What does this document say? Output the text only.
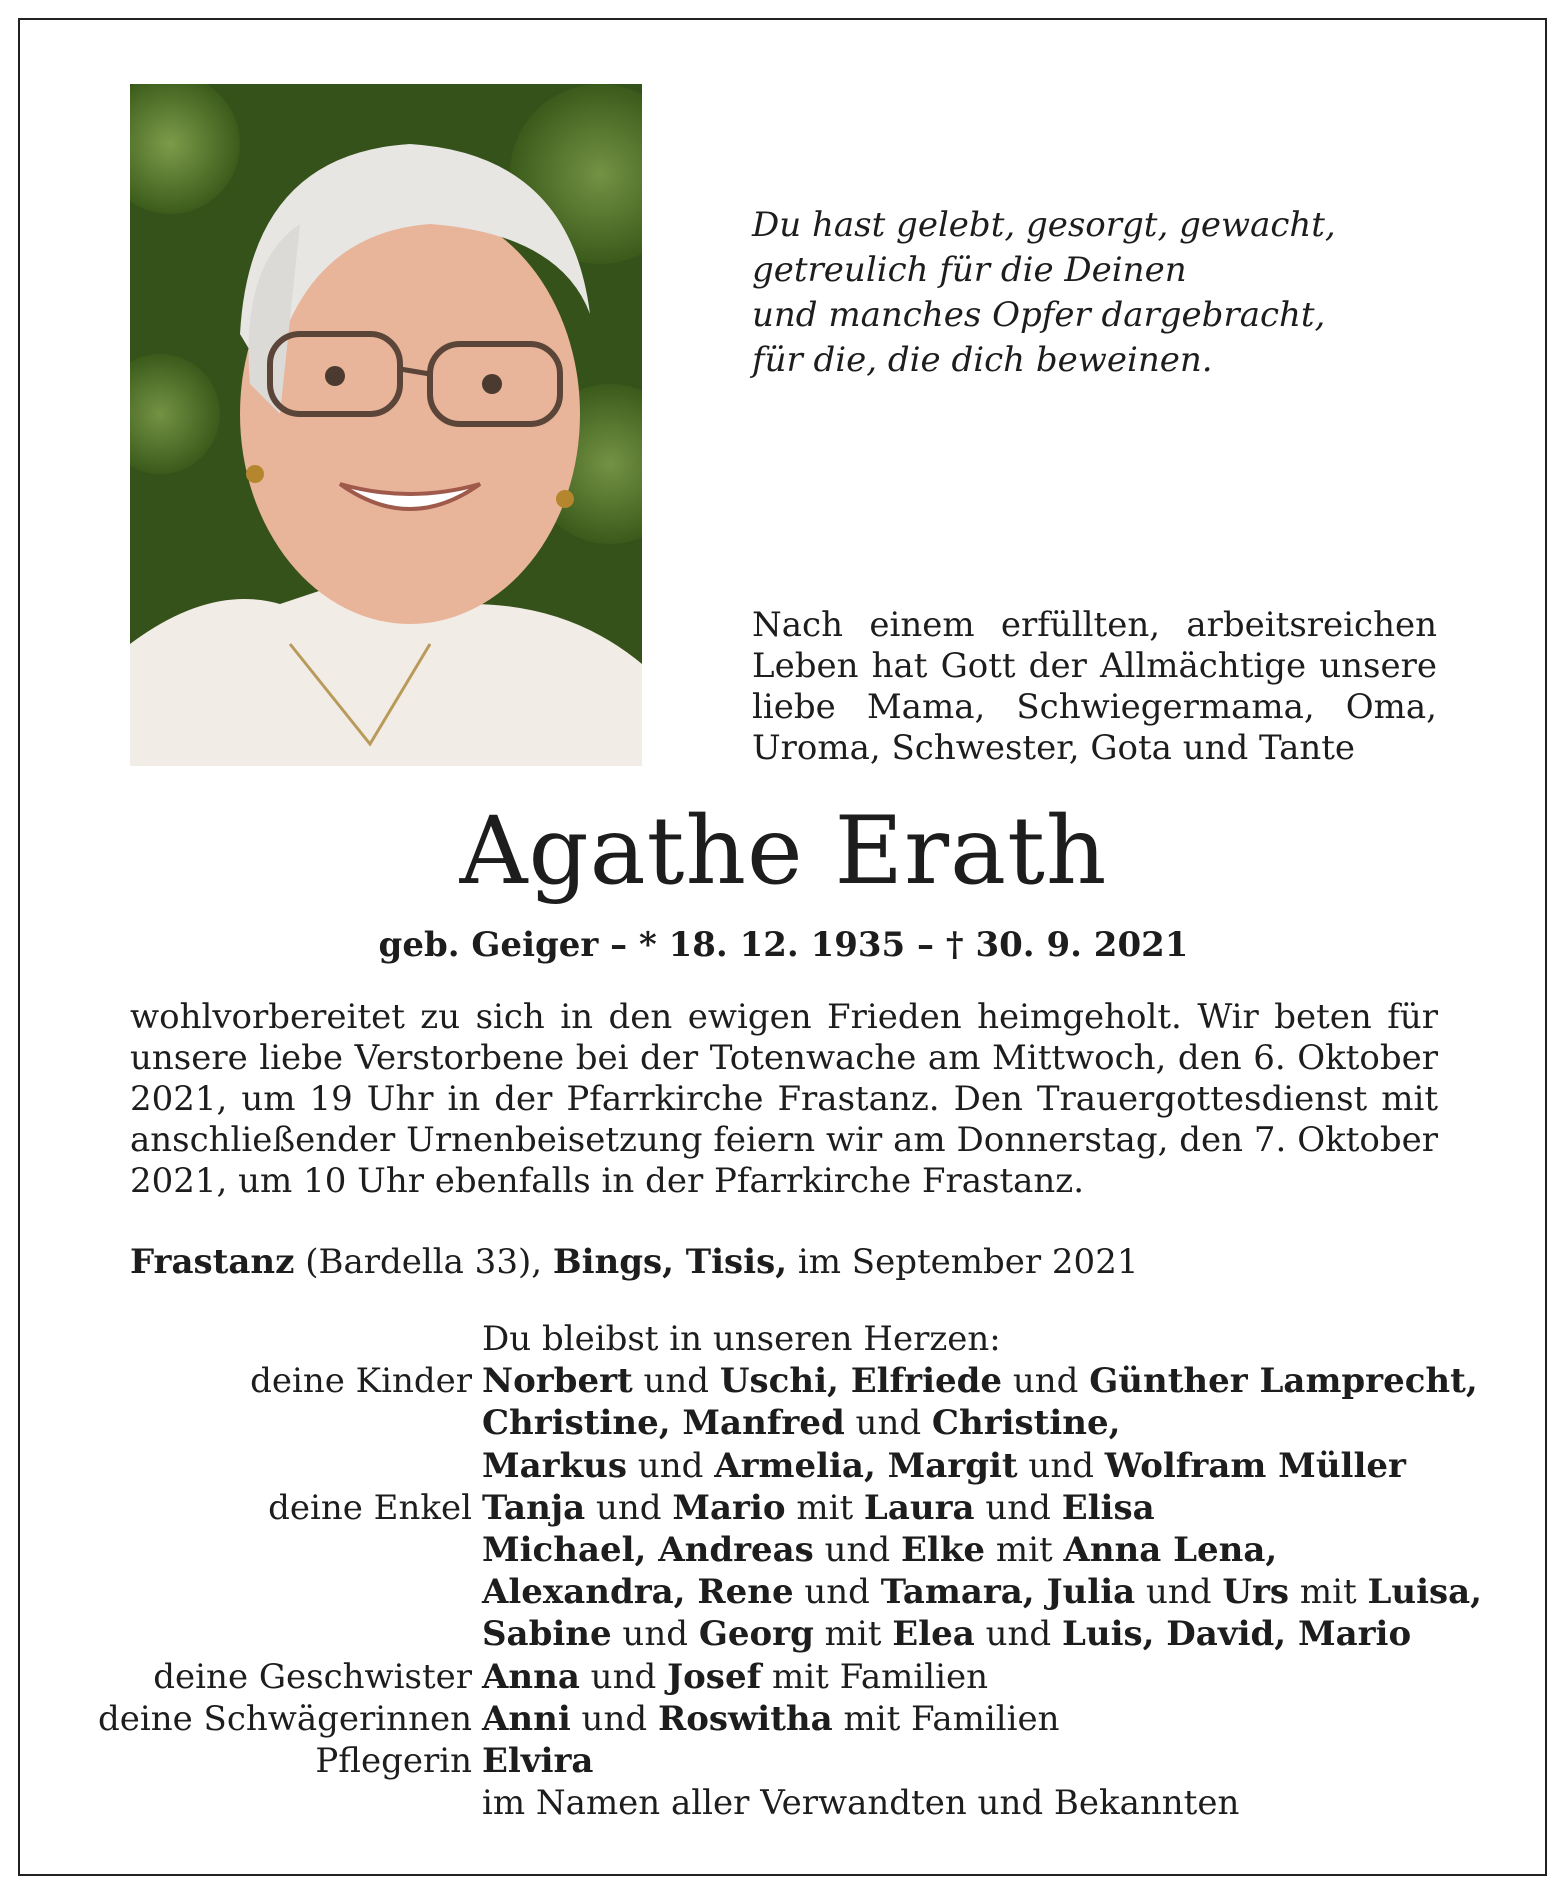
Du hast gelebt, gesorgt, gewacht,
getreulich für die Deinen
und manches Opfer dargebracht,
für die, die dich beweinen.
Nach einem erfüllten, arbeitsreichen
Leben hat Gott der Allmächtige unsere
liebe Mama, Schwiegermama, Oma,
Uroma, Schwester, Gota und Tante
Agathe Erath
geb. Geiger – * 18. 12. 1935 – † 30. 9. 2021
wohlvorbereitet zu sich in den ewigen Frieden heimgeholt. Wir beten für
unsere liebe Verstorbene bei der Totenwache am Mittwoch, den 6. Oktober
2021, um 19 Uhr in der Pfarrkirche Frastanz. Den Trauergottesdienst mit
anschließender Urnenbeisetzung feiern wir am Donnerstag, den 7. Oktober
2021, um 10 Uhr ebenfalls in der Pfarrkirche Frastanz.
Frastanz (Bardella 33), Bings, Tisis, im September 2021
Du bleibst in unseren Herzen:
deine Kinder Norbert und Uschi, Elfriede und Günther Lamprecht,
Christine, Manfred und Christine,
Markus und Armelia, Margit und Wolfram Müller
deine Enkel Tanja und Mario mit Laura und Elisa
Michael, Andreas und Elke mit Anna Lena,
Alexandra, Rene und Tamara, Julia und Urs mit Luisa,
Sabine und Georg mit Elea und Luis, David, Mario
deine Geschwister Anna und Josef mit Familien
deine Schwägerinnen Anni und Roswitha mit Familien
Pflegerin Elvira
im Namen aller Verwandten und Bekannten
